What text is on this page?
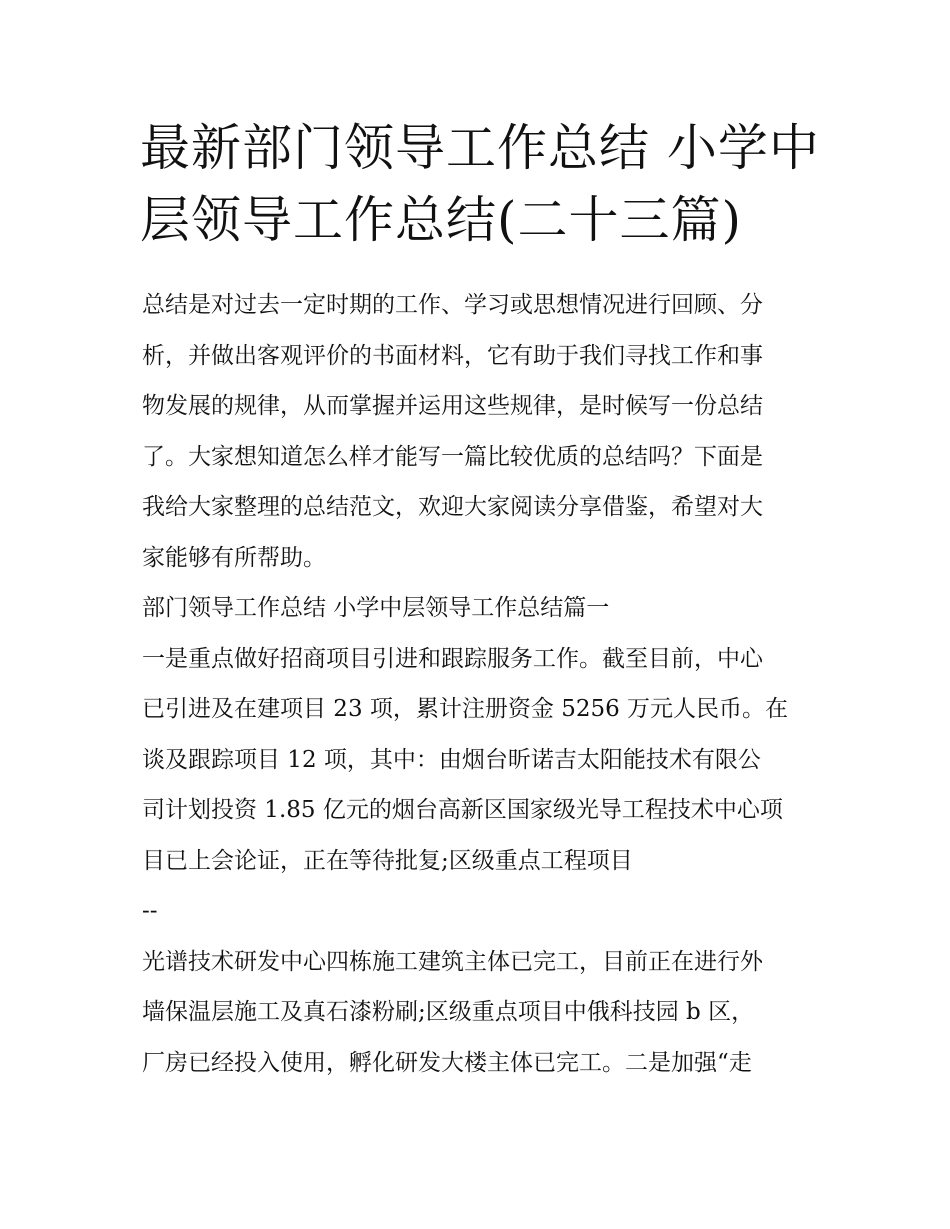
最新部门领导工作总结 小学中
层领导工作总结(二十三篇)
总结是对过去一定时期的工作、学习或思想情况进行回顾、分
析，并做出客观评价的书面材料，它有助于我们寻找工作和事
物发展的规律，从而掌握并运用这些规律，是时候写一份总结
了。大家想知道怎么样才能写一篇比较优质的总结吗？下面是
我给大家整理的总结范文，欢迎大家阅读分享借鉴，希望对大
家能够有所帮助。
部门领导工作总结 小学中层领导工作总结篇一
一是重点做好招商项目引进和跟踪服务工作。截至目前，中心
已引进及在建项目 23 项，累计注册资金 5256 万元人民币。在
谈及跟踪项目 12 项，其中：由烟台昕诺吉太阳能技术有限公
司计划投资 1.85 亿元的烟台高新区国家级光导工程技术中心项
目已上会论证，正在等待批复;区级重点工程项目
--
光谱技术研发中心四栋施工建筑主体已完工，目前正在进行外
墙保温层施工及真石漆粉刷;区级重点项目中俄科技园 b 区，
厂房已经投入使用，孵化研发大楼主体已完工。二是加强“走
